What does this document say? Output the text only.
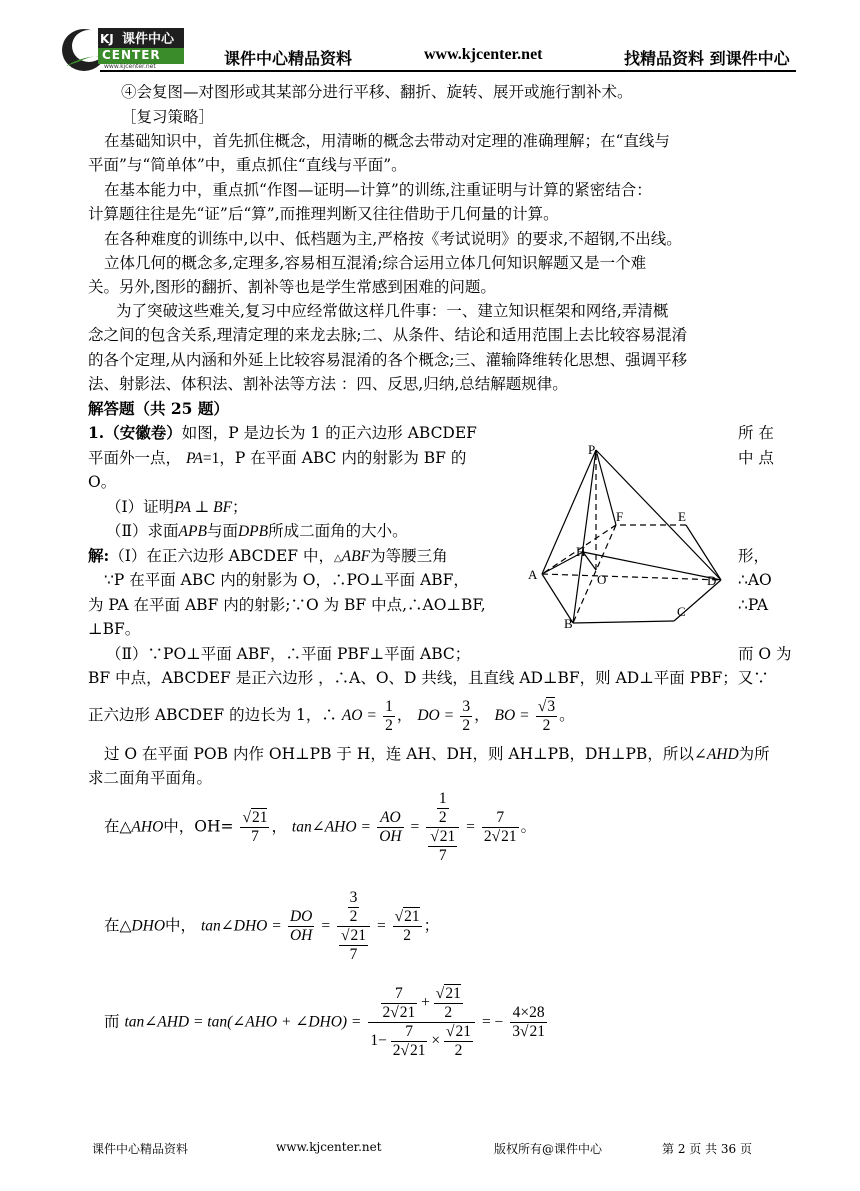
课件中心
KJ
CENTER
www.kjcenter.net	课件中心精品资料	www.kjcenter.net	找精品资料 到课件中心
④会复图—对图形或其某部分进行平移、翻折、旋转、展开或施行割补术。
［复习策略］
在基础知识中，首先抓住概念，用清晰的概念去带动对定理的准确理解；在“直线与
平面”与“简单体”中，重点抓住“直线与平面”。
在基本能力中，重点抓“作图—证明—计算”的训练,注重证明与计算的紧密结合：
计算题往往是先“证”后“算”,而推理判断又往往借助于几何量的计算。
在各种难度的训练中,以中、低档题为主,严格按《考试说明》的要求,不超钢,不出线。
立体几何的概念多,定理多,容易相互混淆;综合运用立体几何知识解题又是一个难
关。另外,图形的翻折、割补等也是学生常感到困难的问题。
为了突破这些难关,复习中应经常做这样几件事：一、建立知识框架和网络,弄清概
念之间的包含关系,理清定理的来龙去脉;二、从条件、结论和适用范围上去比较容易混淆
的各个定理,从内涵和外延上比较容易混淆的各个概念;三、灌输降维转化思想、强调平移
法、射影法、体积法、割补法等方法 ：四、反思,归纳,总结解题规律。
解答题（共 25 题）
1.（安徽卷）如图，P 是边长为 1 的正六边形 ABCDEF	所 在
平面外一点， PA=1，P 在平面 ABC 内的射影为 BF 的	中 点
O。
（Ⅰ）证明PA ⊥ BF；
（Ⅱ）求面APB与面DPB所成二面角的大小。
解:（Ⅰ）在正六边形 ABCDEF 中，△ABF为等腰三角	形，
∵P 在平面 ABC 内的射影为 O，∴PO⊥平面 ABF，	∴AO
为 PA 在平面 ABF 内的射影;∵O 为 BF 中点,∴AO⊥BF,	∴PA
⊥BF。
P
A
B
C
D
E
F
H
O
（Ⅱ）∵PO⊥平面 ABF，∴平面 PBF⊥平面 ABC；	而 O 为
BF 中点，ABCDEF 是正六边形 ，∴A、O、D 共线，且直线 AD⊥BF，则 AD⊥平面 PBF；又∵
正六边形 ABCDEF 的边长为 1，∴ AO = $\frac{1}{2}$ ， DO = $\frac{3}{2}$ ， BO = $\frac{√3}{2}$ 。
过 O 在平面 POB 内作 OH⊥PB 于 H，连 AH、DH，则 AH⊥PB，DH⊥PB，所以∠AHD为所
求二面角平面角。
在△AHO中，$OH= \frac{√21}{7}$ ， tan∠AHO = $\frac{AO}{OH} = \frac{\frac{1}{2}}{\frac{√21}{7}} = \frac{7}{2√21}$ 。
在△DHO中， tan∠DHO = $\frac{DO}{OH} = \frac{\frac{3}{2}}{\frac{√21}{7}} = \frac{√21}{2}$ ；
而 tan∠AHD = tan(∠AHO + ∠DHO) = $\frac{\frac{7}{2√21} + \frac{√21}{2}}{1- \frac{7}{2√21} \times \frac{√21}{2}}$ = − $\frac{4\times 28}{3√21}$
课件中心精品资料	www.kjcenter.net	版权所有@课件中心	第 2 页 共 36 页
